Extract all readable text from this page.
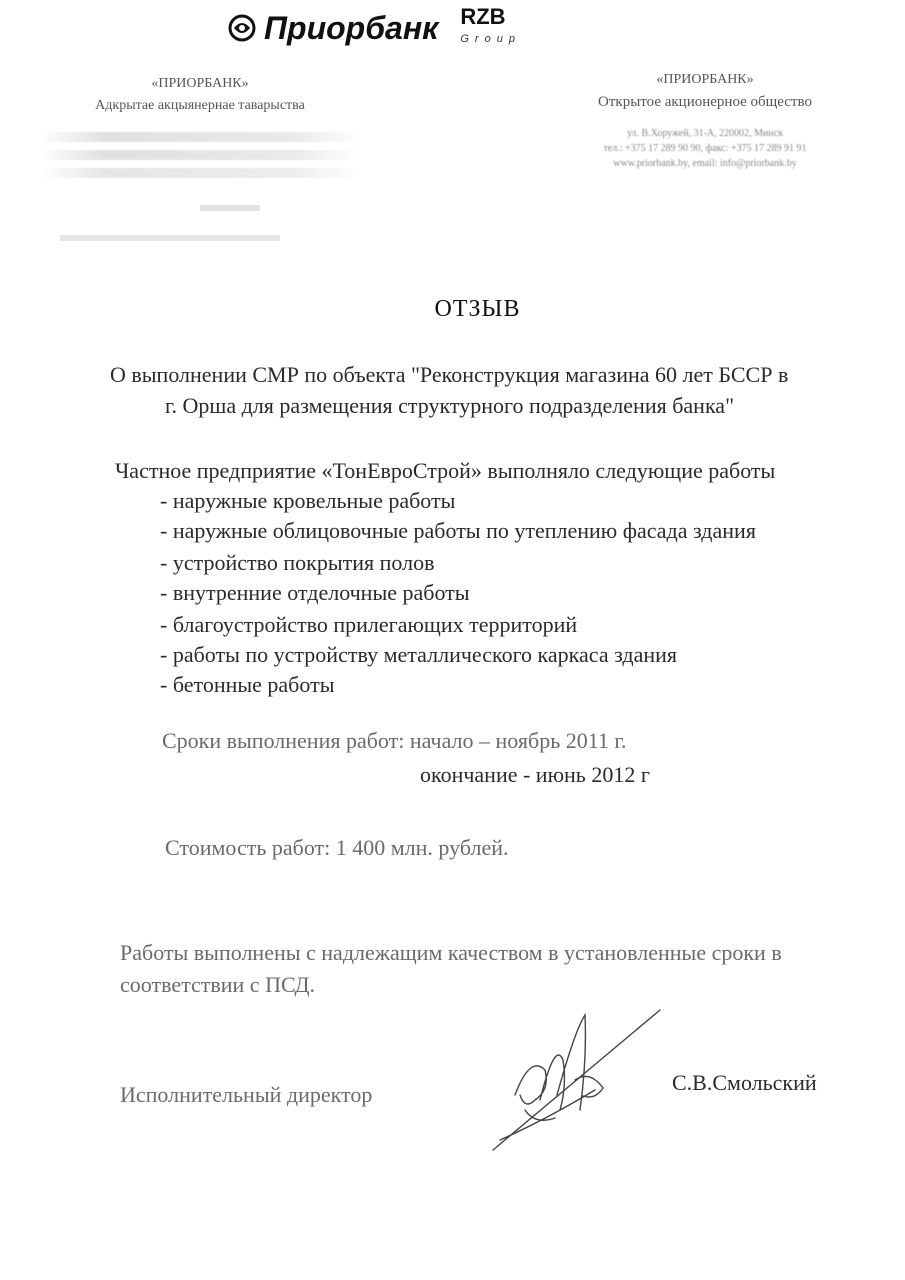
Приорбанк RZB
Group
«ПРИОРБАНК»
Адкрытае акцыянернае таварыства
«ПРИОРБАНК»
Открытое акционерное общество
ул. В.Хоружей, 31-А, 220002, Минск
тел.: +375 17 289 90 90, факс: +375 17 289 91 91
www.priorbank.by, email: info@priorbank.by
ОТЗЫВ
О выполнении СМР по объекта "Реконструкция магазина 60 лет БССР в
г. Орша для размещения структурного подразделения банка"
Частное предприятие «ТонЕвроСтрой» выполняло следующие работы
- наружные кровельные работы
- наружные облицовочные работы по утеплению фасада здания
- устройство покрытия полов
- внутренние отделочные работы
- благоустройство прилегающих территорий
- работы по устройству металлического каркаса здания
- бетонные работы
Сроки выполнения работ: начало – ноябрь 2011 г.
окончание - июнь 2012 г
Стоимость работ: 1 400 млн. рублей.
Работы выполнены с надлежащим качеством в установленные сроки в
соответствии с ПСД.
Исполнительный директор	С.В.Смольский
